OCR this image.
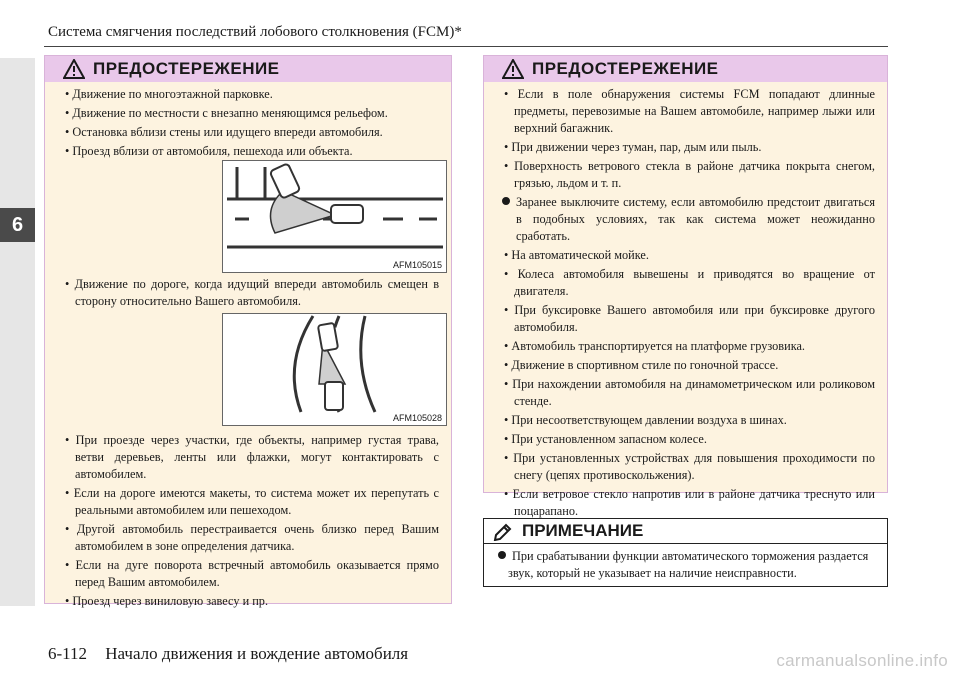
6
Система смягчения последствий лобового столкновения (FCM)*
ПРЕДОСТЕРЕЖЕНИЕ
• Движение по многоэтажной парковке.
• Движение по местности с внезапно меняющимся рельефом.
• Остановка вблизи стены или идущего впереди автомобиля.
• Проезд вблизи от автомобиля, пешехода или объекта.
• Движение по дороге, когда идущий впереди автомобиль смещен в сторону относительно Вашего автомобиля.
• При проезде через участки, где объекты, например густая трава, ветви деревьев, ленты или флажки, могут контактировать с автомобилем.
• Если на дороге имеются макеты, то система может их перепутать с реальными автомобилем или пешеходом.
• Другой автомобиль перестраивается очень близко перед Вашим автомобилем в зоне определения датчика.
• Если на дуге поворота встречный автомобиль оказывается прямо перед Вашим автомобилем.
• Проезд через виниловую завесу и пр.
AFM105015
AFM105028
ПРЕДОСТЕРЕЖЕНИЕ
• Если в поле обнаружения системы FCM попадают длинные предметы, перевозимые на Вашем автомобиле, например лыжи или верхний багажник.
• При движении через туман, пар, дым или пыль.
• Поверхность ветрового стекла в районе датчика покрыта снегом, грязью, льдом и т. п.
Заранее выключите систему, если автомобилю предстоит двигаться в подобных условиях, так как система может неожиданно сработать.
• На автоматической мойке.
• Колеса автомобиля вывешены и приводятся во вращение от двигателя.
• При буксировке Вашего автомобиля или при буксировке другого автомобиля.
• Автомобиль транспортируется на платформе грузовика.
• Движение в спортивном стиле по гоночной трассе.
• При нахождении автомобиля на динамометрическом или роликовом стенде.
• При несоответствующем давлении воздуха в шинах.
• При установленном запасном колесе.
• При установленных устройствах для повышения проходимости по снегу (цепях противоскольжения).
• Если ветровое стекло напротив или в районе датчика треснуто или поцарапано.
ПРИМЕЧАНИЕ
При срабатывании функции автоматического торможения раздается звук, который не указывает на наличие неисправности.
6-112 Начало движения и вождение автомобиля	carmanualsonline.info
